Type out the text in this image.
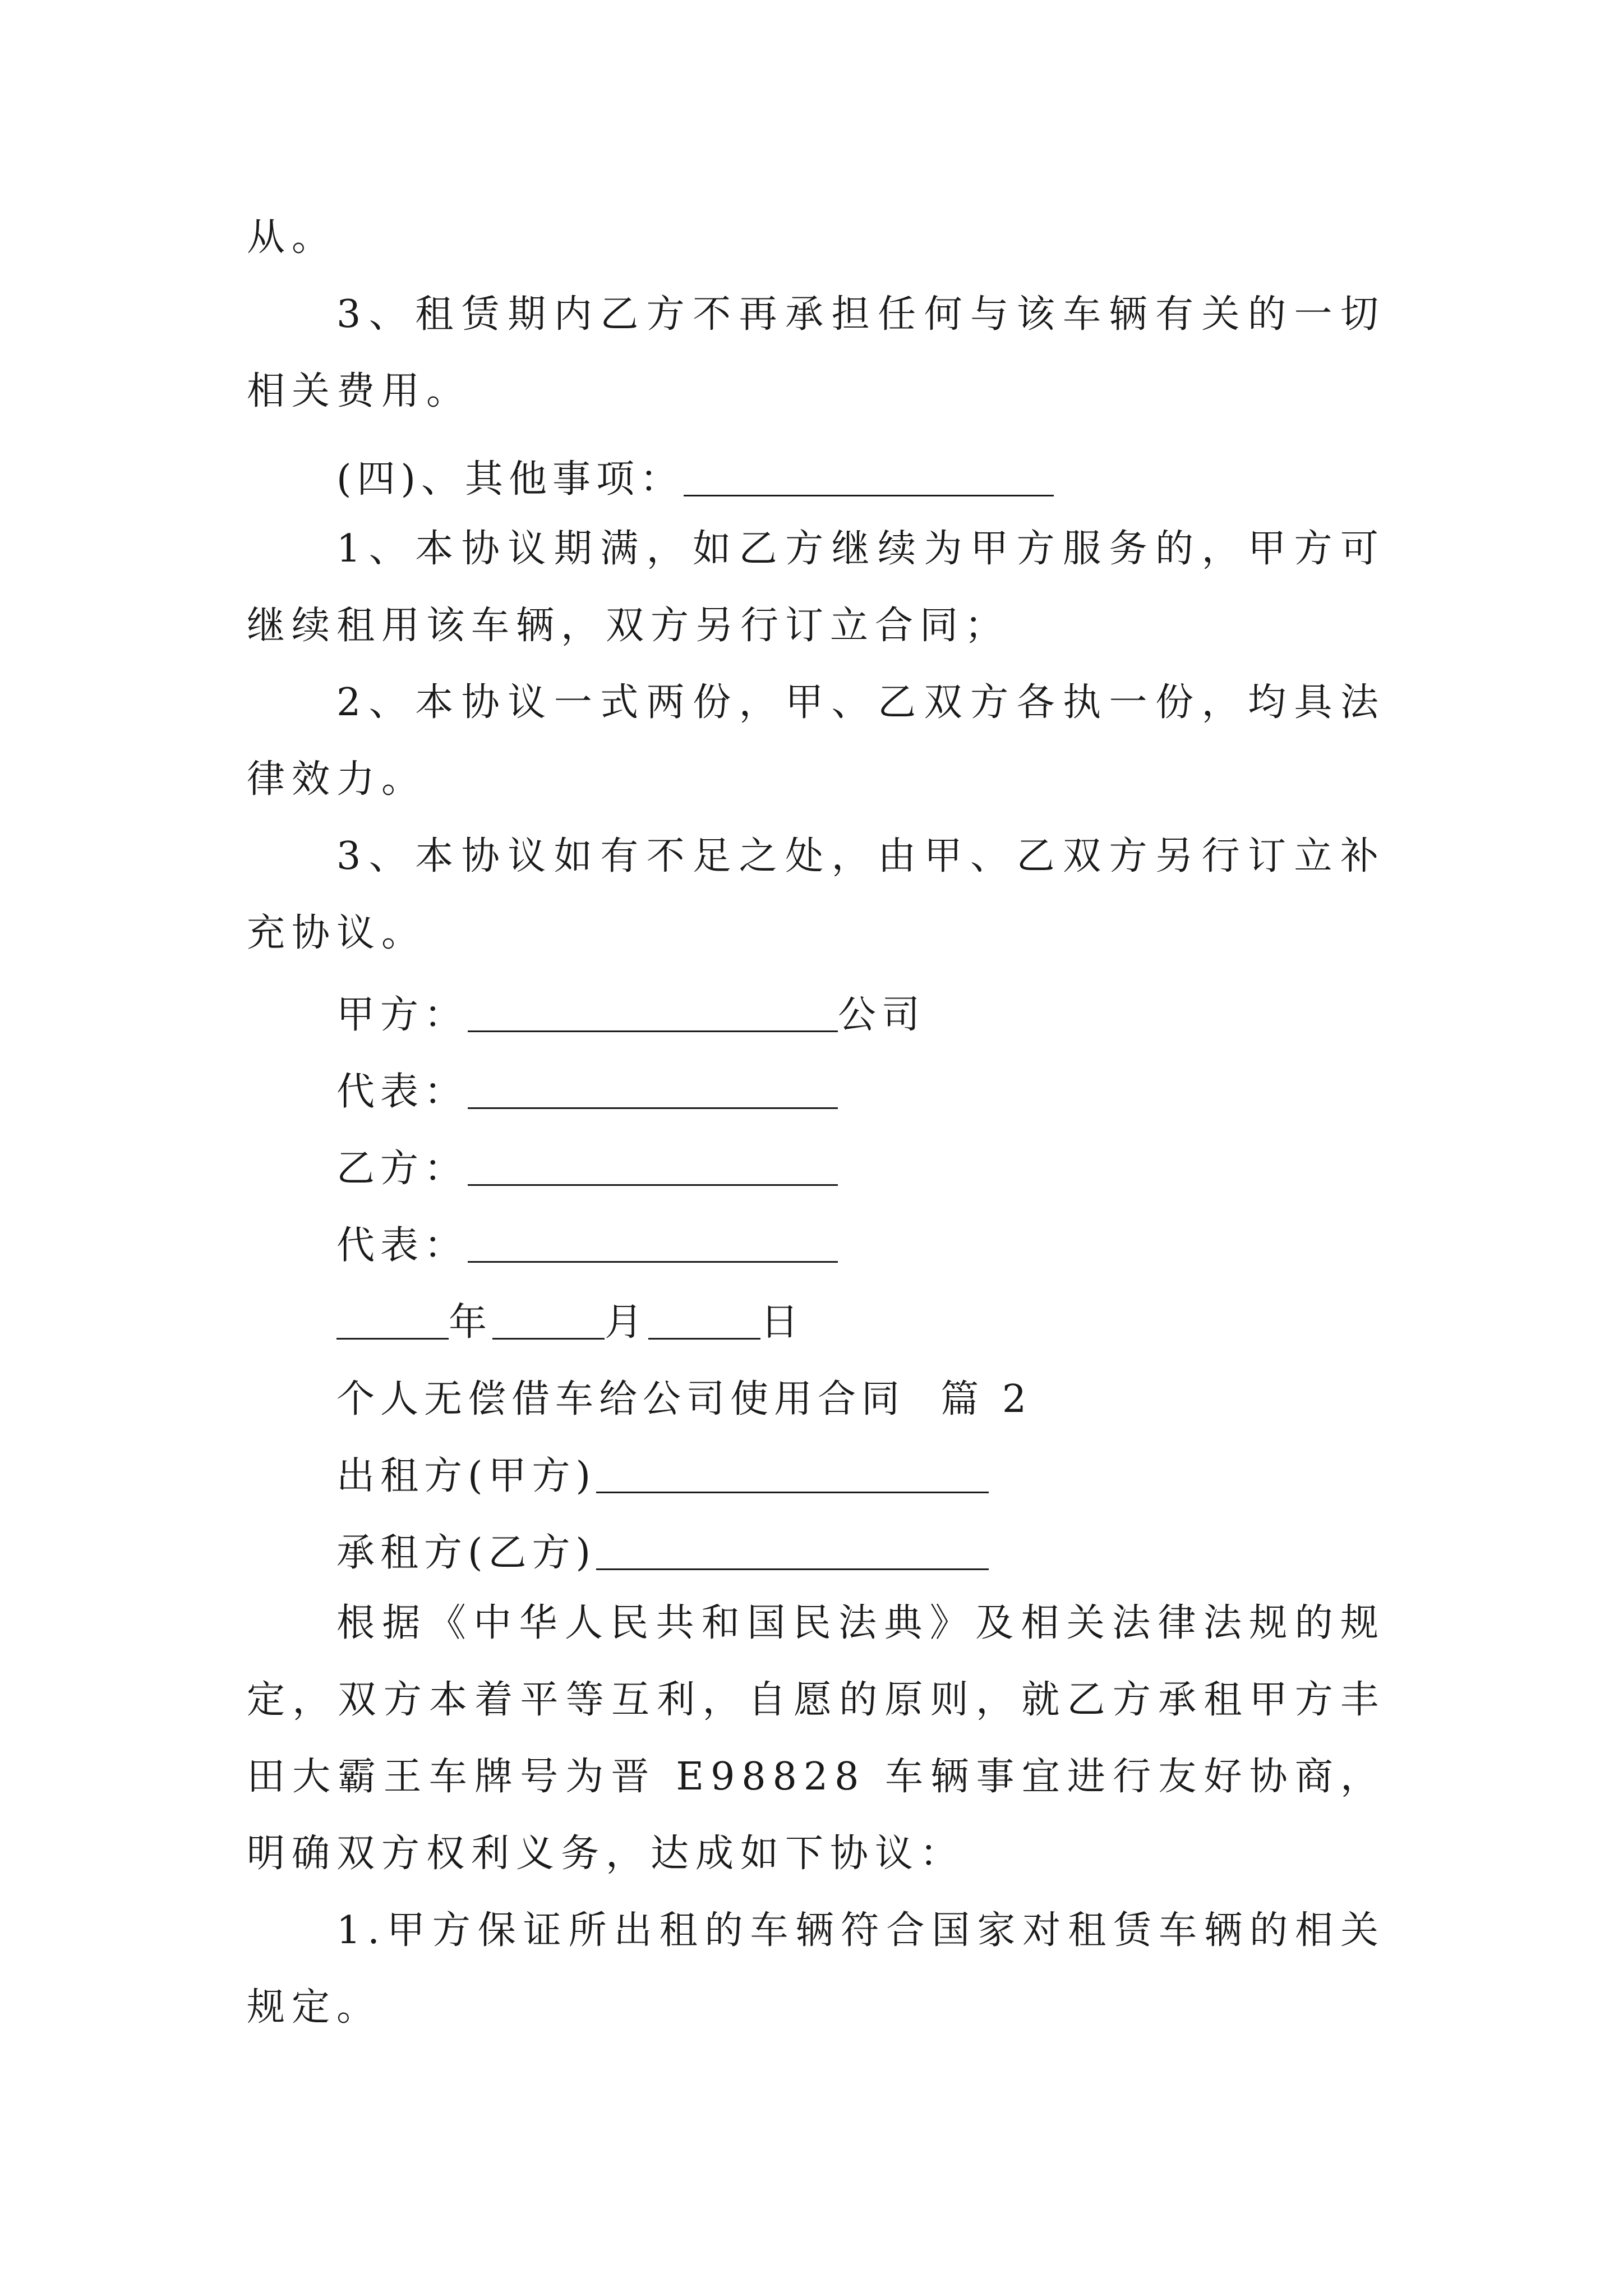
从。

3、租赁期内乙方不再承担任何与该车辆有关的一切相关费用。

(四)、其他事项：

1、本协议期满，如乙方继续为甲方服务的，甲方可继续租用该车辆，双方另行订立合同；

2、本协议一式两份，甲、乙双方各执一份，均具法律效力。

3、本协议如有不足之处，由甲、乙双方另行订立补充协议。

甲方：	公司
代表：
乙方：
代表：
年	月	日
个人无偿借车给公司使用合同  篇 2
出租方(甲方)
承租方(乙方)

根据《中华人民共和国民法典》及相关法律法规的规定，双方本着平等互利，自愿的原则，就乙方承租甲方丰田大霸王车牌号为晋 E98828 车辆事宜进行友好协商，明确双方权利义务，达成如下协议：

1.甲方保证所出租的车辆符合国家对租赁车辆的相关规定。
